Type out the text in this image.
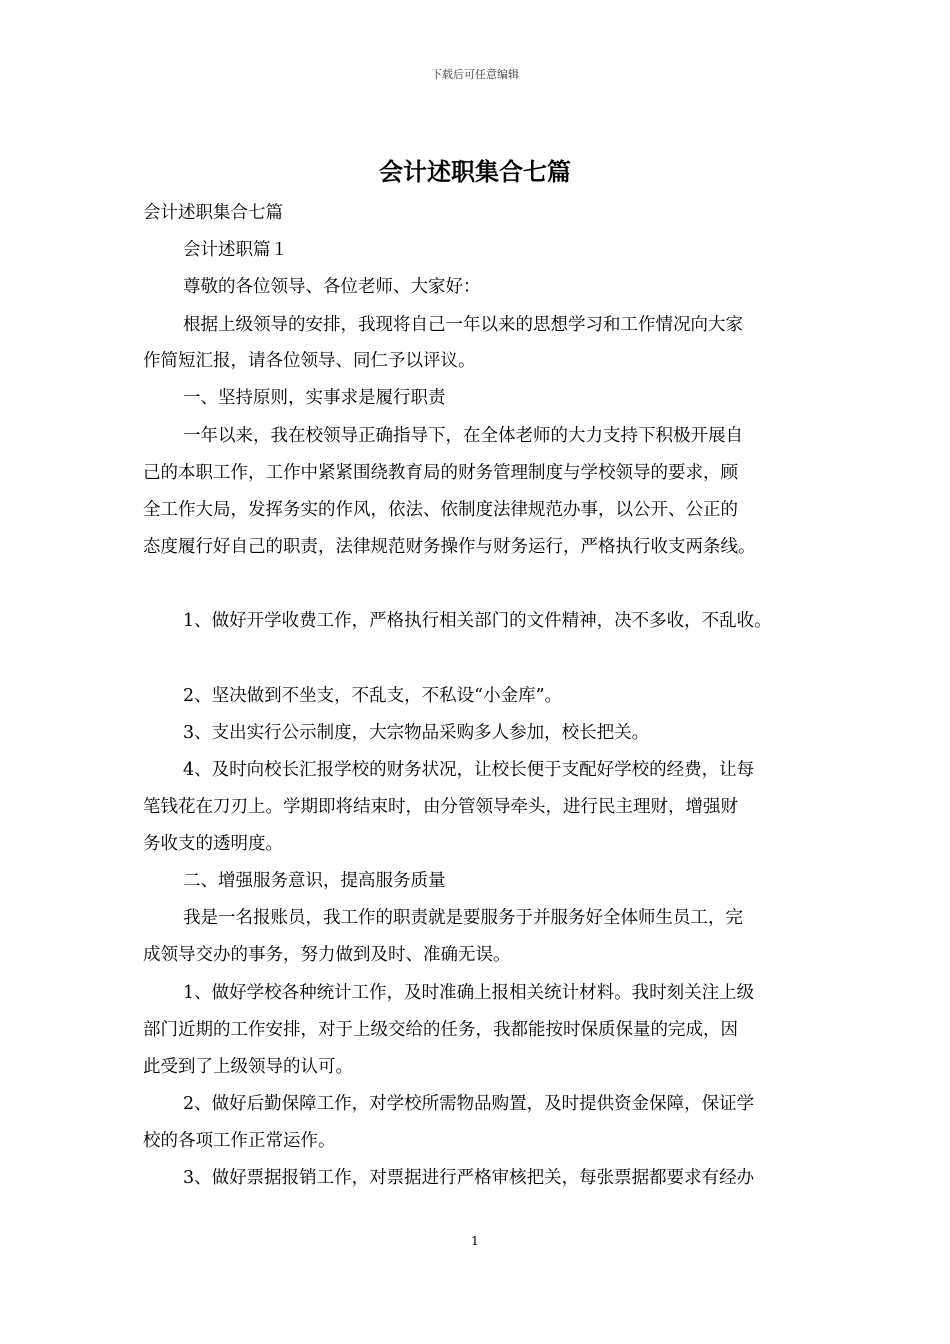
下载后可任意编辑
会计述职集合七篇
会计述职集合七篇
会计述职篇１
尊敬的各位领导、各位老师、大家好：
根据上级领导的安排，我现将自己一年以来的思想学习和工作情况向大家
作简短汇报，请各位领导、同仁予以评议。
一、坚持原则，实事求是履行职责
一年以来，我在校领导正确指导下，在全体老师的大力支持下积极开展自
己的本职工作，工作中紧紧围绕教育局的财务管理制度与学校领导的要求，顾
全工作大局，发挥务实的作风，依法、依制度法律规范办事，以公开、公正的
态度履行好自己的职责，法律规范财务操作与财务运行，严格执行收支两条线。
1、做好开学收费工作，严格执行相关部门的文件精神，决不多收，不乱收。
2、坚决做到不坐支，不乱支，不私设“小金库”。
3、支出实行公示制度，大宗物品采购多人参加，校长把关。
4、及时向校长汇报学校的财务状况，让校长便于支配好学校的经费，让每
笔钱花在刀刃上。学期即将结束时，由分管领导牵头，进行民主理财，增强财
务收支的透明度。
二、增强服务意识，提高服务质量
我是一名报账员，我工作的职责就是要服务于并服务好全体师生员工，完
成领导交办的事务，努力做到及时、准确无误。
1、做好学校各种统计工作，及时准确上报相关统计材料。我时刻关注上级
部门近期的工作安排，对于上级交给的任务，我都能按时保质保量的完成，因
此受到了上级领导的认可。
2、做好后勤保障工作，对学校所需物品购置，及时提供资金保障，保证学
校的各项工作正常运作。
3、做好票据报销工作，对票据进行严格审核把关，每张票据都要求有经办
1
